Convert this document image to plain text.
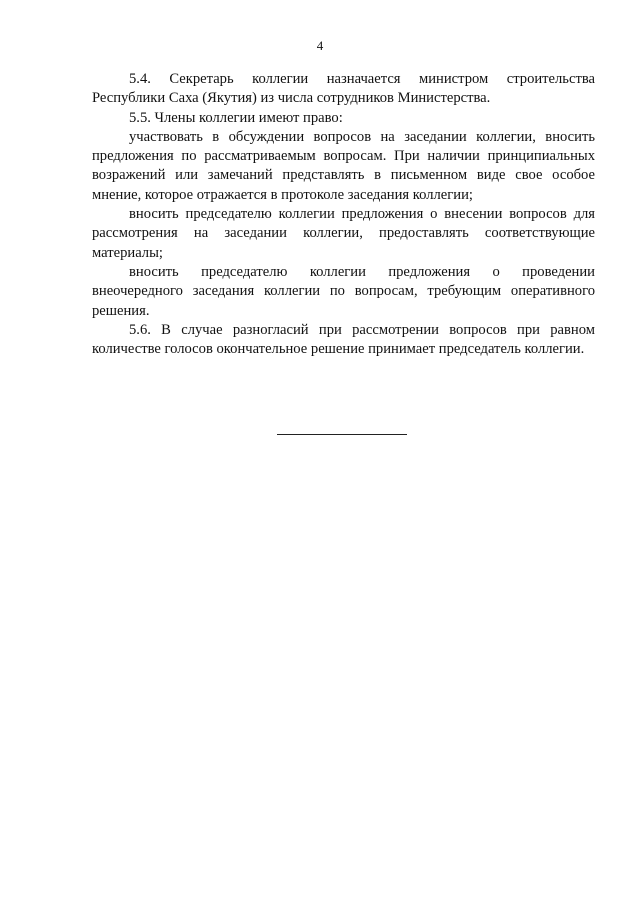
4

5.4. Секретарь коллегии назначается министром строительства Республики Саха (Якутия) из числа сотрудников Министерства.

5.5. Члены коллегии имеют право:

участвовать в обсуждении вопросов на заседании коллегии, вносить предложения по рассматриваемым вопросам. При наличии принципиальных возражений или замечаний представлять в письменном виде свое особое мнение, которое отражается в протоколе заседания коллегии;

вносить председателю коллегии предложения о внесении вопросов для рассмотрения на заседании коллегии, предоставлять соответствующие материалы;

вносить председателю коллегии предложения о проведении внеочередного заседания коллегии по вопросам, требующим оперативного решения.

5.6. В случае разногласий при рассмотрении вопросов при равном количестве голосов окончательное решение принимает председатель коллегии.
